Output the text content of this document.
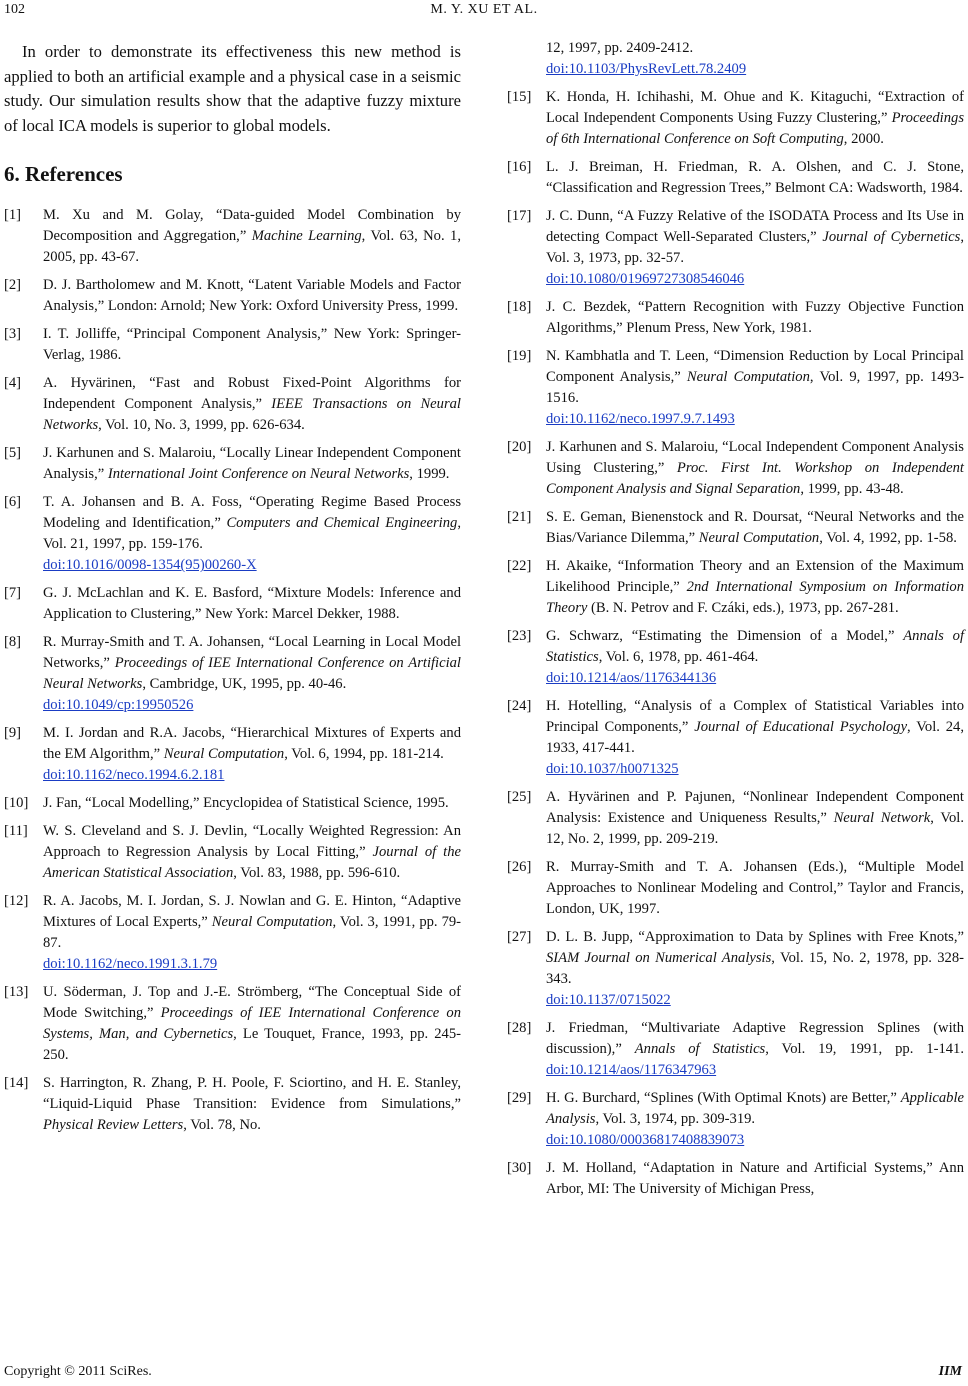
102	M. Y. XU ET AL.

In order to demonstrate its effectiveness this new method is applied to both an artificial example and a physical case in a seismic study. Our simulation results show that the adaptive fuzzy mixture of local ICA models is superior to global models.

6. References
[1]	M. Xu and M. Golay, “Data-guided Model Combination by Decomposition and Aggregation,” Machine Learning, Vol. 63, No. 1, 2005, pp. 43-67.
[2]	D. J. Bartholomew and M. Knott, “Latent Variable Models and Factor Analysis,” London: Arnold; New York: Oxford University Press, 1999.
[3]	I. T. Jolliffe, “Principal Component Analysis,” New York: Springer-Verlag, 1986.
[4]	A. Hyvärinen, “Fast and Robust Fixed-Point Algorithms for Independent Component Analysis,” IEEE Transactions on Neural Networks, Vol. 10, No. 3, 1999, pp. 626-634.
[5]	J. Karhunen and S. Malaroiu, “Locally Linear Independent Component Analysis,” International Joint Conference on Neural Networks, 1999.
[6]	T. A. Johansen and B. A. Foss, “Operating Regime Based Process Modeling and Identification,” Computers and Chemical Engineering, Vol. 21, 1997, pp. 159-176.
doi:10.1016/0098-1354(95)00260-X
[7]	G. J. McLachlan and K. E. Basford, “Mixture Models: Inference and Application to Clustering,” New York: Marcel Dekker, 1988.
[8]	R. Murray-Smith and T. A. Johansen, “Local Learning in Local Model Networks,” Proceedings of IEE International Conference on Artificial Neural Networks, Cambridge, UK, 1995, pp. 40-46.
doi:10.1049/cp:19950526
[9]	M. I. Jordan and R.A. Jacobs, “Hierarchical Mixtures of Experts and the EM Algorithm,” Neural Computation, Vol. 6, 1994, pp. 181-214.
doi:10.1162/neco.1994.6.2.181
[10]	J. Fan, “Local Modelling,” Encyclopidea of Statistical Science, 1995.
[11]	W. S. Cleveland and S. J. Devlin, “Locally Weighted Regression: An Approach to Regression Analysis by Local Fitting,” Journal of the American Statistical Association, Vol. 83, 1988, pp. 596-610.
[12]	R. A. Jacobs, M. I. Jordan, S. J. Nowlan and G. E. Hinton, “Adaptive Mixtures of Local Experts,” Neural Computation, Vol. 3, 1991, pp. 79-87.
doi:10.1162/neco.1991.3.1.79
[13]	U. Söderman, J. Top and J.-E. Strömberg, “The Conceptual Side of Mode Switching,” Proceedings of IEE International Conference on Systems, Man, and Cybernetics, Le Touquet, France, 1993, pp. 245-250.
[14]	S. Harrington, R. Zhang, P. H. Poole, F. Sciortino, and H. E. Stanley, “Liquid-Liquid Phase Transition: Evidence from Simulations,” Physical Review Letters, Vol. 78, No.
12, 1997, pp. 2409-2412.
doi:10.1103/PhysRevLett.78.2409
[15]	K. Honda, H. Ichihashi, M. Ohue and K. Kitaguchi, “Extraction of Local Independent Components Using Fuzzy Clustering,” Proceedings of 6th International Conference on Soft Computing, 2000.
[16]	L. J. Breiman, H. Friedman, R. A. Olshen, and C. J. Stone, “Classification and Regression Trees,” Belmont CA: Wadsworth, 1984.
[17]	J. C. Dunn, “A Fuzzy Relative of the ISODATA Process and Its Use in detecting Compact Well-Separated Clusters,” Journal of Cybernetics, Vol. 3, 1973, pp. 32-57.
doi:10.1080/01969727308546046
[18]	J. C. Bezdek, “Pattern Recognition with Fuzzy Objective Function Algorithms,” Plenum Press, New York, 1981.
[19]	N. Kambhatla and T. Leen, “Dimension Reduction by Local Principal Component Analysis,” Neural Computation, Vol. 9, 1997, pp. 1493-1516.
doi:10.1162/neco.1997.9.7.1493
[20]	J. Karhunen and S. Malaroiu, “Local Independent Component Analysis Using Clustering,” Proc. First Int. Workshop on Independent Component Analysis and Signal Separation, 1999, pp. 43-48.
[21]	S. E. Geman, Bienenstock and R. Doursat, “Neural Networks and the Bias/Variance Dilemma,” Neural Computation, Vol. 4, 1992, pp. 1-58.
[22]	H. Akaike, “Information Theory and an Extension of the Maximum Likelihood Principle,” 2nd International Symposium on Information Theory (B. N. Petrov and F. Czáki, eds.), 1973, pp. 267-281.
[23]	G. Schwarz, “Estimating the Dimension of a Model,” Annals of Statistics, Vol. 6, 1978, pp. 461-464.
doi:10.1214/aos/1176344136
[24]	H. Hotelling, “Analysis of a Complex of Statistical Variables into Principal Components,” Journal of Educational Psychology, Vol. 24, 1933, 417-441.
doi:10.1037/h0071325
[25]	A. Hyvärinen and P. Pajunen, “Nonlinear Independent Component Analysis: Existence and Uniqueness Results,” Neural Network, Vol. 12, No. 2, 1999, pp. 209-219.
[26]	R. Murray-Smith and T. A. Johansen (Eds.), “Multiple Model Approaches to Nonlinear Modeling and Control,” Taylor and Francis, London, UK, 1997.
[27]	D. L. B. Jupp, “Approximation to Data by Splines with Free Knots,” SIAM Journal on Numerical Analysis, Vol. 15, No. 2, 1978, pp. 328-343.
doi:10.1137/0715022
[28]	J. Friedman, “Multivariate Adaptive Regression Splines (with discussion),” Annals of Statistics, Vol. 19, 1991, pp. 1-141. doi:10.1214/aos/1176347963
[29]	H. G. Burchard, “Splines (With Optimal Knots) are Better,” Applicable Analysis, Vol. 3, 1974, pp. 309-319.
doi:10.1080/00036817408839073
[30]	J. M. Holland, “Adaptation in Nature and Artificial Systems,” Ann Arbor, MI: The University of Michigan Press,
Copyright © 2011 SciRes.	IIM
